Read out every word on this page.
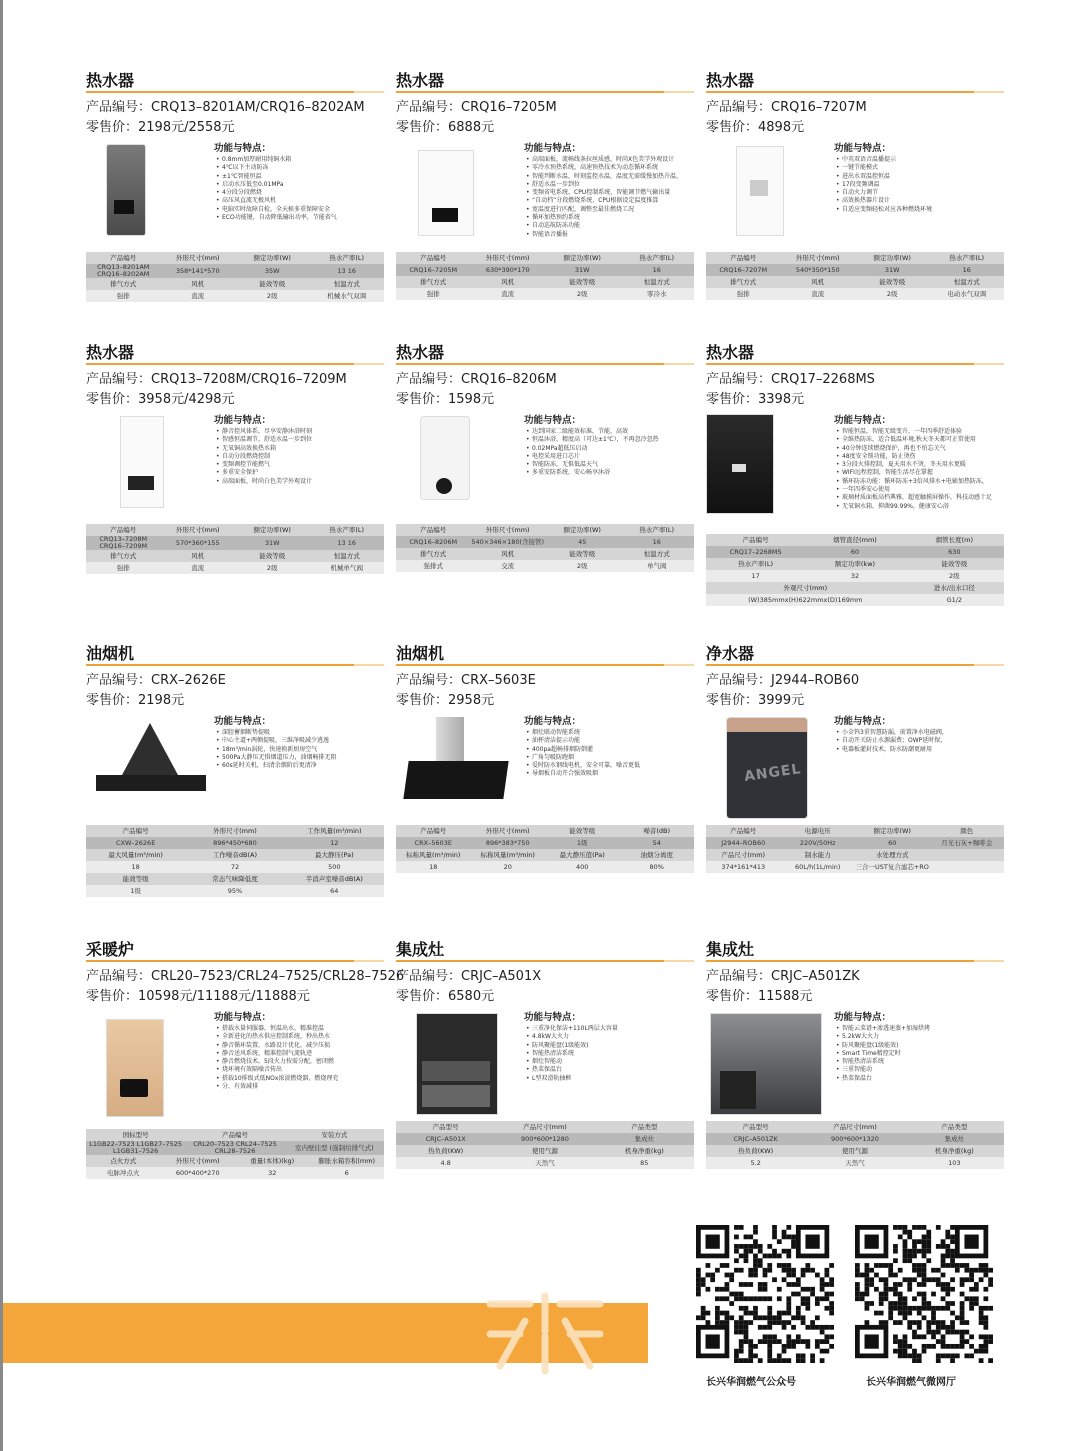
热水器
产品编号：CRQ13–8201AM/CRQ16–8202AM
零售价：2198元/2558元
功能与特点：
• 0.8mm加厚耐用纯铜水箱
• 4℃以下主动防冻
• ±1℃智能恒温
• 启动水压低至0.01MPa
• 4分段分段燃烧
• 高压风直流无极风机
• 电脑实时故障自检，全天候多重保障安全
• ECO功能键，自动降低输出功率，节能省气
产品编号	外形尺寸(mm)	额定功率(W)	热水产率(L)
CRQ13–8201AM CRQ16–8202AM	358*141*570	35W	13 16
排气方式	风机	能效等级	恒温方式
强排	直流	2级	机械水气双调
热水器
产品编号：CRQ16–7205M
零售价：6888元
功能与特点：
• 高端面板，流畅线条拉丝质感，时尚X色美学外观设计
• 零冷水预热系统，高速预热技术为动态循环系统
• 智能判断水温，时刻监控水温，温度无需缓慢加热升温，
• 舒适水温一步到位
• 变频省电系统，CPU控制系统，智能调节燃气输出量
• “自动档”分段燃烧系统，CPU根据设定温度推算
• 宽温度进行匹配，调整至最佳燃烧工况
• 循环加热预约系统
• 自动巡航防冻功能
• 智能语音播报
产品编号	外形尺寸(mm)	额定功率(W)	热水产率(L)
CRQ16–7205M	630*390*170	31W	16
排气方式	风机	能效等级	恒温方式
强排	直流	2级	零冷水
热水器
产品编号：CRQ16–7207M
零售价：4898元
功能与特点：
• 中英双语音温播提示
• 一键节能模式
• 进出水双温控恒温
• 17段变频调温
• 自动火力调节
• 高效换热器片设计
• 自适应变频轻松对应各种燃烧环境
产品编号	外形尺寸(mm)	额定功率(W)	热水产率(L)
CRQ16–7207M	540*350*150	31W	16
排气方式	风机	能效等级	恒温方式
强排	直流	2级	电动水气双调
热水器
产品编号：CRQ13–7208M/CRQ16–7209M
零售价：3958元/4298元
功能与特点：
• 静音控风体系，尽享安静沐浴时刻
• 智感恒温调节，舒适水温一步到位
• 无氧铜高效换热水箱
• 自动分段燃烧控制
• 变频调控节能燃气
• 多重安全保护
• 高端面板，时尚白色美学外观设计
产品编号	外形尺寸(mm)	额定功率(W)	热水产率(L)
CRQ13–7208M CRQ16–7209M	570*360*155	31W	13 16
排气方式	风机	能效等级	恒温方式
强排	直流	2级	机械单气阀
热水器
产品编号：CRQ16–8206M
零售价：1598元
功能与特点：
• 达到国家二级能效标准，节能，高效
• 恒温沐浴，精度高（可达±1℃），不再忽冷忽热
• 0.02MPa超低压启动
• 电控采用进口芯片
• 智能防冻，无惧低温天气
• 多重安防系统，安心畅享沐浴
产品编号	外形尺寸(mm)	额定功率(W)	热水产率(L)
CRQ16–8206M	540×346×180(含接管)	45	16
排气方式	风机	能效等级	恒温方式
强排式	交流	2级	单气阀
热水器
产品编号：CRQ17–2268MS
零售价：3398元
功能与特点：
• 智能恒温，智能无级变升，一年四季舒适体验
• 全维热防冻，适合低温环境,秋天冬天都可正常使用
• 40分钟连续燃烧保护，再也不怕忘关气
• 48度安全锁功能，防止烫伤
• 3分段火排控制，夏天用水不烫，冬天用水更暖
• WIFI远程控制，智能生活尽在掌握
• 循环防冻功能：循环防冻+3倍风排水+电辅加热防冻，
• 一年四季安心使用
• 玻璃材质面板高档典雅，超宽触摸屏操作，科技动感十足
• 无氧铜水箱，抑菌99.99%，健康安心浴
产品编号	烟管直径(mm)	烟管长度(m)
CRQ17–2268MS	60	630
热水产率(L)	额定功率(kw)	能效等级
17	32	2级
外观尺寸(mm)		进水/出水口径
(W)385mmx(H)622mmx(D)169mm		G1/2
油烟机
产品编号：CRX–2626E
零售价：2198元
功能与特点：
• 深腔蓄烟断势提吸
• 中心主道+两侧提吸，三维净吸减少逃逸
• 18m³/min涡轮，快速换新厨房空气
• 500Pa大静压无惧烟道压力，油烟畅排无阻
• 60s延时关机，扫清余烟阶后更清净
产品编号	外形尺寸(mm)	工作风量(m³/min)
CXW–2626E	896*450*680	12
最大风量(m³/min)	工作噪音dB(A)	最大静压(Pa)
18	72	500
能效等级	常态气味降低度	半消声室噪音dB(A)
1级	95%	64
油烟机
产品编号：CRX–5603E
零售价：2958元
功能与特点：
• 烟灶联动智能系统
• 油杯清洁提示功能
• 400pa超畅排烟防倒灌
• 广角匀吸防跑烟
• 爱时防水钢线电机，安全可靠，噪音更低
• 导烟板自动开合强效吸烟
产品编号	外形尺寸(mm)	能效等级	噪音(dB)
CRX–5603E	896*383*750	1级	54
标称风量(m³/min)	标称风量(m³/min)	最大静压值(Pa)	油烟分离度
18	20	400	80%
净水器
产品编号：J2944–ROB60
零售价：3999元
ANGEL
功能与特点：
• 小金钨3重智慧防漏，前置净水电磁阀，
• 自动开关防止水源漏费；OWP延时保，
• 电器板灌封技术，防水防潮更耐用
产品编号	电源电压	额定功率(W)	颜色
J2944–ROB60	220V/50Hz	60	月光石灰+咖啡金
产品尺寸(mm)	制水能力	水处理方式	
374*161*413	60L/h(1L/min)	三合一UST复合滤芯+RO	
采暖炉
产品编号：CRL20–7523/CRL24–7525/CRL28–7526
零售价：10598元/11188元/11888元
功能与特点：
• 搭载水量伺服器，恒温出水，精准控温
• 全新进化的热水供应控制系统，秒出热水
• 静音循环装置，水路设计优化，减少压损
• 静音送风系统，精准控制气流轨迹
• 静音燃烧技术，5段火力按需分配，密闭燃
• 烧环境有效隔噪音传出
• 搭载10排级式低NOx浓淡燃烧器，燃烧理充
• 分，有效减排
国标型号		产品编号		安装方式	
L1GB22–7523 L1GB27–7525 L1GB31–7526		CRL20–7523 CRL24–7525 CRL28–7526		室内壁挂型 (强制给排气式)	
点火方式	外形尺寸(mm)		重量(本体)(kg)		膨胀水箱容积(mm)
电脉冲点火	600*400*270		32		6
集成灶
产品编号：CRJC–A501X
零售价：6580元
功能与特点：
• 三重净化保洁+110L两层大容量
• 4.8kW大火力
• 防风聚能盘(1级能效)
• 智能热清洁系统
• 烟灶智能动
• 热菜保温台
• L型双滑轨抽框
产品型号	产品尺寸(mm)	产品类型
CRJC–A501X	900*600*1280	集成灶
热负荷(KW)	使用气源	机身净重(kg)
4.8	天然气	85
集成灶
产品编号：CRJC–A501ZK
零售价：11588元
功能与特点：
• 智能云菜谱+渗透速蒸+加湿烘烤
• 5.2kW大火力
• 防风聚能盘(1级能效)
• Smart Time精控定时
• 智能热清洁系统
• 三重智能动
• 热菜保温台
产品型号	产品尺寸(mm)	产品类型
CRJC–A501ZK	900*600*1320	集成灶
热负荷(KW)	使用气源	机身净重(kg)
5.2	天然气	103
长兴华润燃气公众号	长兴华润燃气微网厅
